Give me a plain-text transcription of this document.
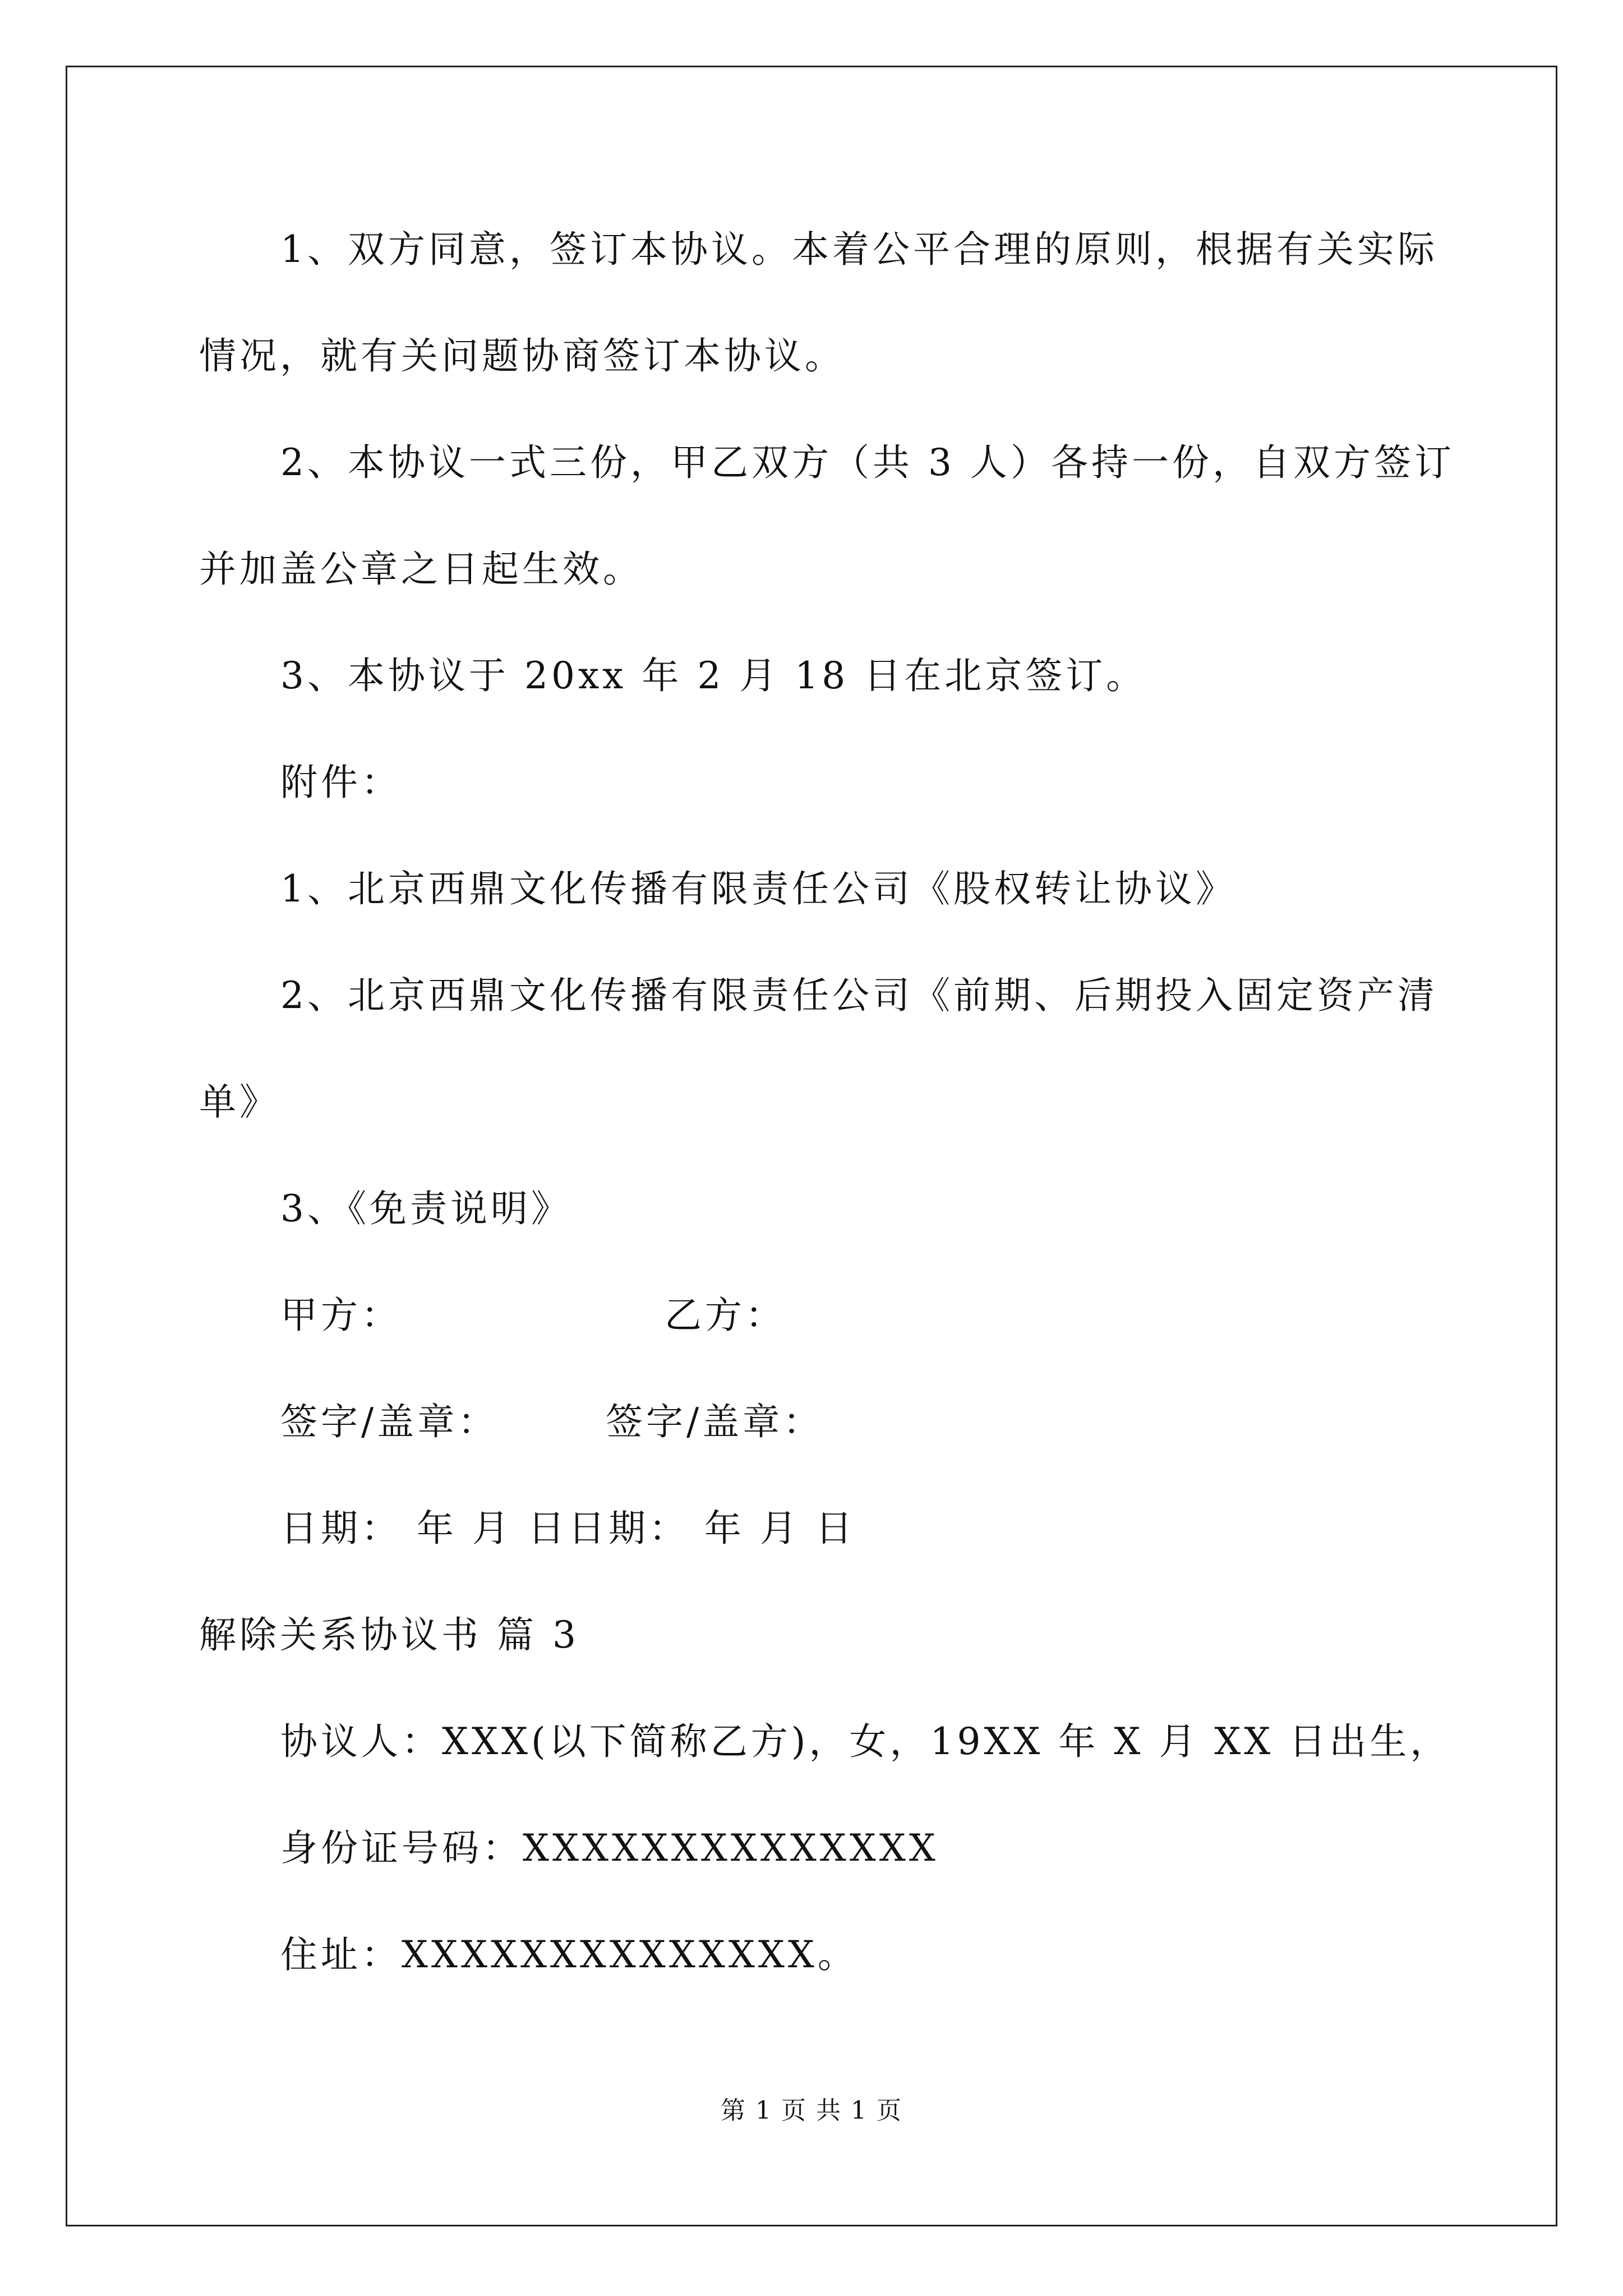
1、双方同意，签订本协议。本着公平合理的原则，根据有关实际
情况，就有关问题协商签订本协议。
2、本协议一式三份，甲乙双方（共 3 人）各持一份，自双方签订
并加盖公章之日起生效。
3、本协议于 20xx 年 2 月 18 日在北京签订。
附件：
1、北京西鼎文化传播有限责任公司《股权转让协议》
2、北京西鼎文化传播有限责任公司《前期、后期投入固定资产清
单》
3、《免责说明》
甲方：	乙方：
签字/盖章：	签字/盖章：
日期： 年 月 日日期： 年 月 日
解除关系协议书 篇 3
协议人：XXX(以下简称乙方)，女，19XX 年 X 月 XX 日出生，
身份证号码：XXXXXXXXXXXXXX
住址：XXXXXXXXXXXXXX。
第 1 页 共 1 页
